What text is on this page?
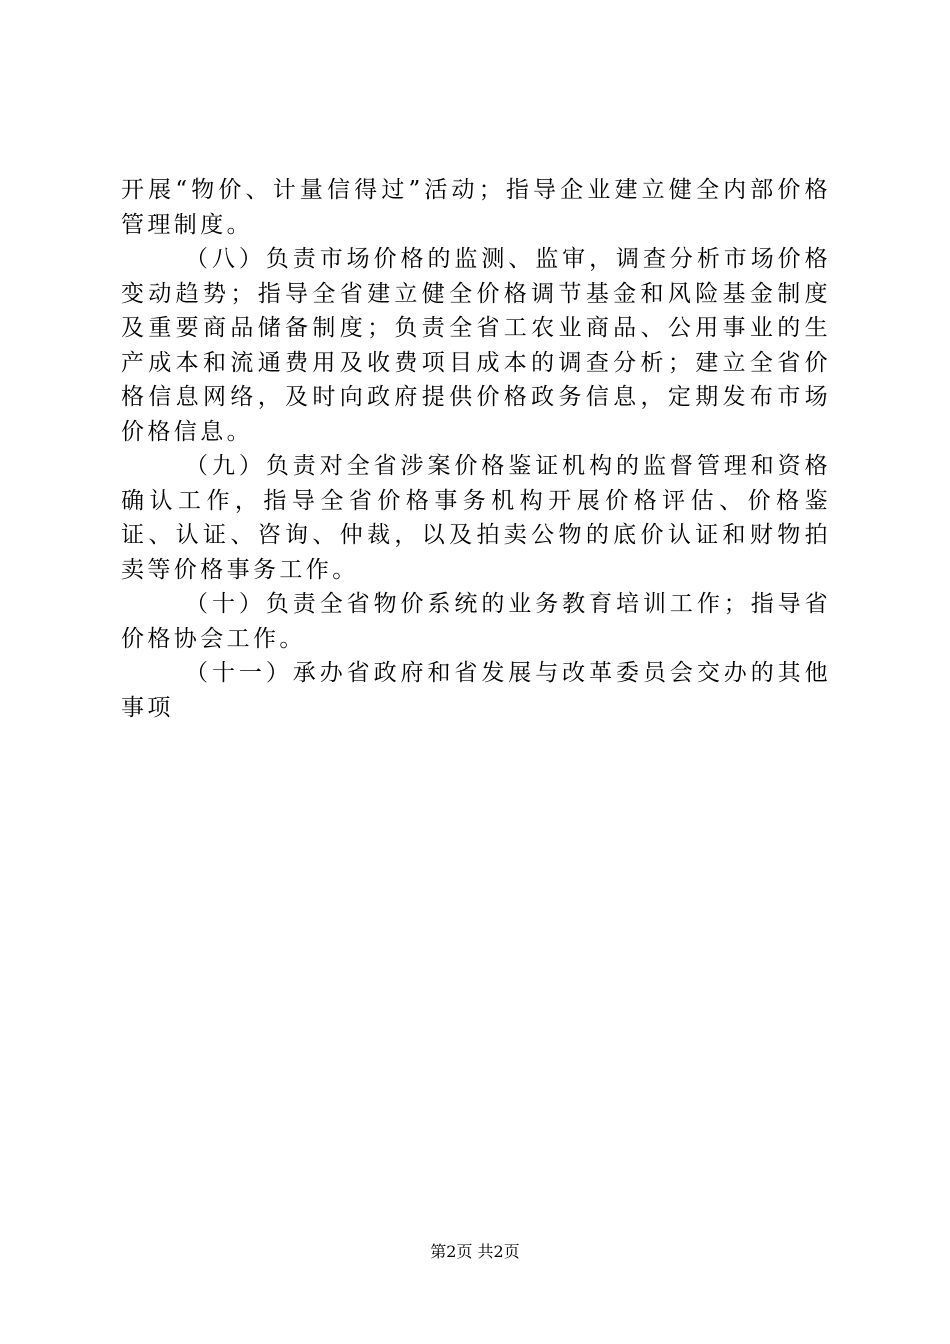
开展“物价、计量信得过”活动；指导企业建立健全内部价格管理制度。

（八）负责市场价格的监测、监审，调查分析市场价格变动趋势；指导全省建立健全价格调节基金和风险基金制度及重要商品储备制度；负责全省工农业商品、公用事业的生产成本和流通费用及收费项目成本的调查分析；建立全省价格信息网络，及时向政府提供价格政务信息，定期发布市场价格信息。

（九）负责对全省涉案价格鉴证机构的监督管理和资格确认工作，指导全省价格事务机构开展价格评估、价格鉴证、认证、咨询、仲裁，以及拍卖公物的底价认证和财物拍卖等价格事务工作。

（十）负责全省物价系统的业务教育培训工作；指导省价格协会工作。

（十一）承办省政府和省发展与改革委员会交办的其他事项

第2页 共2页
